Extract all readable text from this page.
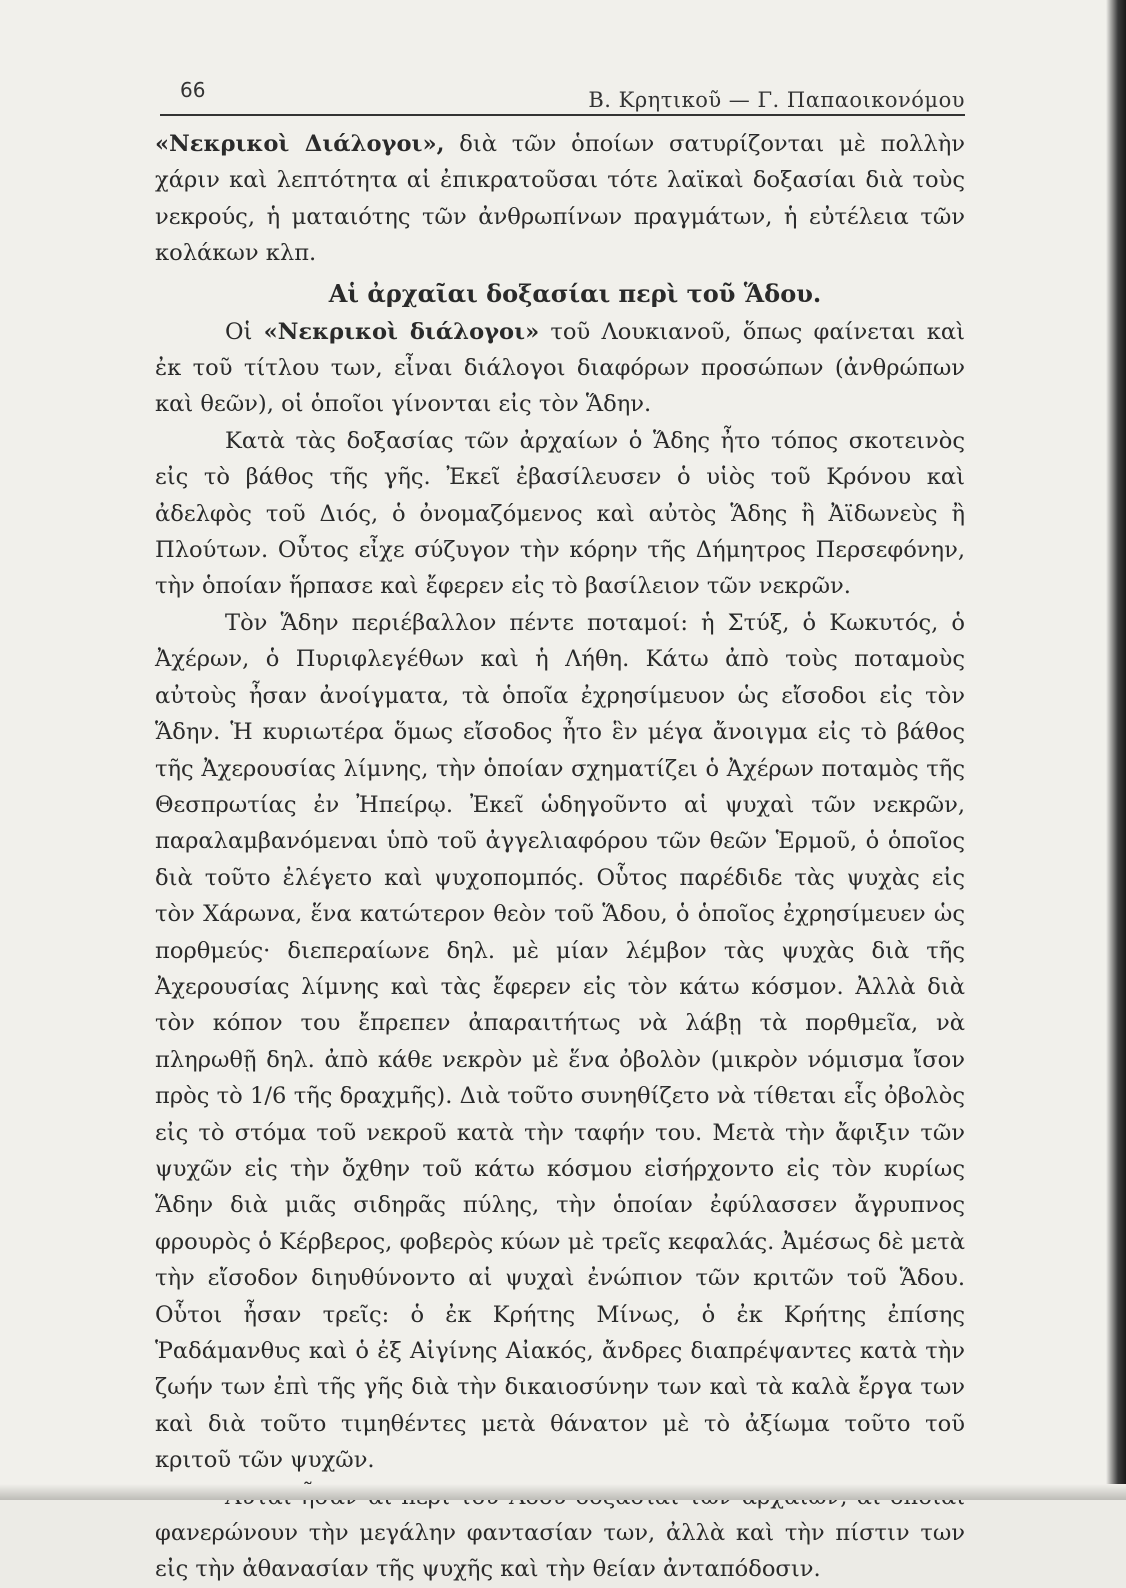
66	Β. Κρητικοῦ — Γ. Παπαοικονόμου

«Νεκρικοὶ Διάλογοι», διὰ τῶν ὁποίων σατυρίζονται μὲ πολλὴν χάριν καὶ λεπτότητα αἱ ἐπικρατοῦσαι τότε λαϊκαὶ δοξασίαι διὰ τοὺς νεκρούς, ἡ ματαιότης τῶν ἀνθρωπίνων πραγμάτων, ἡ εὐτέλεια τῶν κολάκων κλπ.

Αἱ ἀρχαῖαι δοξασίαι περὶ τοῦ Ἅδου.

Οἱ «Νεκρικοὶ διάλογοι» τοῦ Λουκιανοῦ, ὅπως φαίνεται καὶ ἐκ τοῦ τίτλου των, εἶναι διάλογοι διαφόρων προσώπων (ἀνθρώπων καὶ θεῶν), οἱ ὁποῖοι γίνονται εἰς τὸν Ἅδην.

Κατὰ τὰς δοξασίας τῶν ἀρχαίων ὁ Ἅδης ἦτο τόπος σκοτεινὸς εἰς τὸ βάθος τῆς γῆς. Ἐκεῖ ἐβασίλευσεν ὁ υἱὸς τοῦ Κρόνου καὶ ἀδελφὸς τοῦ Διός, ὁ ὀνομαζόμενος καὶ αὐτὸς Ἅδης ἢ Ἀϊδωνεὺς ἢ Πλούτων. Οὗτος εἶχε σύζυγον τὴν κόρην τῆς Δήμητρος Περσεφόνην, τὴν ὁποίαν ἥρπασε καὶ ἔφερεν εἰς τὸ βασίλειον τῶν νεκρῶν.

Τὸν Ἅδην περιέβαλλον πέντε ποταμοί: ἡ Στύξ, ὁ Κωκυτός, ὁ Ἀχέρων, ὁ Πυριφλεγέθων καὶ ἡ Λήθη. Κάτω ἀπὸ τοὺς ποταμοὺς αὐτοὺς ἦσαν ἀνοίγματα, τὰ ὁποῖα ἐχρησίμευον ὡς εἴσοδοι εἰς τὸν Ἅδην. Ἡ κυριωτέρα ὅμως εἴσοδος ἦτο ἓν μέγα ἄνοιγμα εἰς τὸ βάθος τῆς Ἀχερουσίας λίμνης, τὴν ὁποίαν σχηματίζει ὁ Ἀχέρων ποταμὸς τῆς Θεσπρωτίας ἐν Ἠπείρῳ. Ἐκεῖ ὡδηγοῦντο αἱ ψυχαὶ τῶν νεκρῶν, παραλαμβανόμεναι ὑπὸ τοῦ ἀγγελιαφόρου τῶν θεῶν Ἑρμοῦ, ὁ ὁποῖος διὰ τοῦτο ἐλέγετο καὶ ψυχοπομπός. Οὗτος παρέδιδε τὰς ψυχὰς εἰς τὸν Χάρωνα, ἕνα κατώτερον θεὸν τοῦ Ἅδου, ὁ ὁποῖος ἐχρησίμευεν ὡς πορθμεύς· διεπεραίωνε δηλ. μὲ μίαν λέμβον τὰς ψυχὰς διὰ τῆς Ἀχερουσίας λίμνης καὶ τὰς ἔφερεν εἰς τὸν κάτω κόσμον. Ἀλλὰ διὰ τὸν κόπον του ἔπρεπεν ἀπαραιτήτως νὰ λάβῃ τὰ πορθμεῖα, νὰ πληρωθῇ δηλ. ἀπὸ κάθε νεκρὸν μὲ ἕνα ὀβολὸν (μικρὸν νόμισμα ἴσον πρὸς τὸ 1/6 τῆς δραχμῆς). Διὰ τοῦτο συνηθίζετο νὰ τίθεται εἷς ὀβολὸς εἰς τὸ στόμα τοῦ νεκροῦ κατὰ τὴν ταφήν του. Μετὰ τὴν ἄφιξιν τῶν ψυχῶν εἰς τὴν ὄχθην τοῦ κάτω κόσμου εἰσήρχοντο εἰς τὸν κυρίως Ἅδην διὰ μιᾶς σιδηρᾶς πύλης, τὴν ὁποίαν ἐφύλασσεν ἄγρυπνος φρουρὸς ὁ Κέρβερος, φοβερὸς κύων μὲ τρεῖς κεφαλάς. Ἀμέσως δὲ μετὰ τὴν εἴσοδον διηυθύνοντο αἱ ψυχαὶ ἐνώπιον τῶν κριτῶν τοῦ Ἅδου. Οὗτοι ἦσαν τρεῖς: ὁ ἐκ Κρήτης Μίνως, ὁ ἐκ Κρήτης ἐπίσης Ῥαδάμανθυς καὶ ὁ ἐξ Αἰγίνης Αἰακός, ἄνδρες διαπρέψαντες κατὰ τὴν ζωήν των ἐπὶ τῆς γῆς διὰ τὴν δικαιοσύνην των καὶ τὰ καλὰ ἔργα των καὶ διὰ τοῦτο τιμηθέντες μετὰ θάνατον μὲ τὸ ἀξίωμα τοῦτο τοῦ κριτοῦ τῶν ψυχῶν.

φανερώνουν τὴν μεγάλην φαντασίαν των, ἀλλὰ καὶ τὴν πίστιν των εἰς τὴν ἀθανασίαν τῆς ψυχῆς καὶ τὴν θείαν ἀνταπόδοσιν.
